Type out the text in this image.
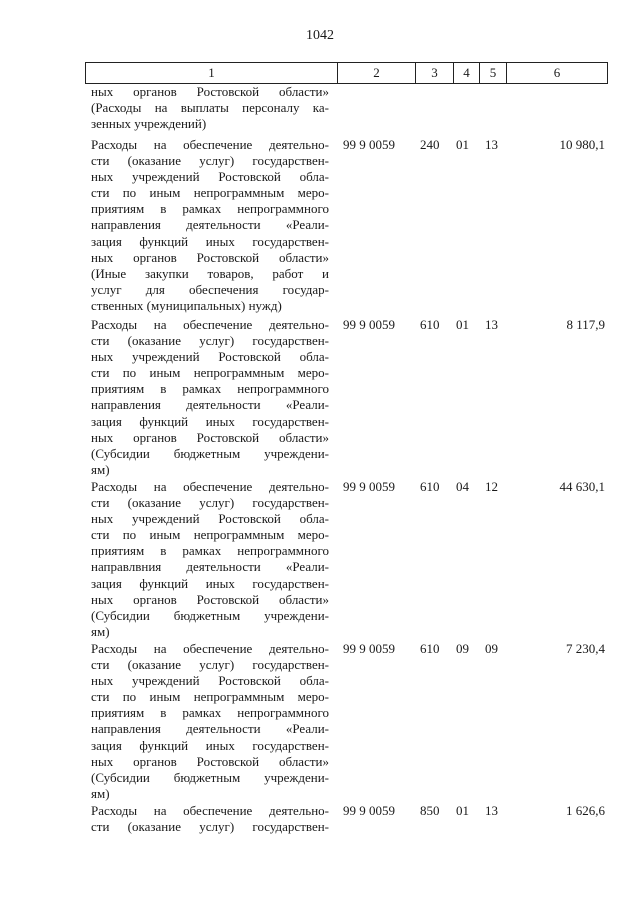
1042
1	2	3	4	5	6
ных органов Ростовской области»
(Расходы на выплаты персоналу ка-
зенных учреждений)
Расходы на обеспечение деятельно-
сти (оказание услуг) государствен-
ных учреждений Ростовской обла-
сти по иным непрограммным меро-
приятиям в рамках непрограммного
направления деятельности «Реали-
зация функций иных государствен-
ных органов Ростовской области»
(Иные закупки товаров, работ и
услуг для обеспечения государ-
ственных (муниципальных) нужд)
99 9 0059	240	01	13	10 980,1
Расходы на обеспечение деятельно-
сти (оказание услуг) государствен-
ных учреждений Ростовской обла-
сти по иным непрограммным меро-
приятиям в рамках непрограммного
направления деятельности «Реали-
зация функций иных государствен-
ных органов Ростовской области»
(Субсидии бюджетным учреждени-
ям)
99 9 0059	610	01	13	8 117,9
Расходы на обеспечение деятельно-
сти (оказание услуг) государствен-
ных учреждений Ростовской обла-
сти по иным непрограммным меро-
приятиям в рамках непрограммного
направлвния деятельности «Реали-
зация функций иных государствен-
ных органов Ростовской области»
(Субсидии бюджетным учреждени-
ям)
99 9 0059	610	04	12	44 630,1
Расходы на обеспечение деятельно-
сти (оказание услуг) государствен-
ных учреждений Ростовской обла-
сти по иным непрограммным меро-
приятиям в рамках непрограммного
направления деятельности «Реали-
зация функций иных государствен-
ных органов Ростовской области»
(Субсидии бюджетным учреждени-
ям)
99 9 0059	610	09	09	7 230,4
Расходы на обеспечение деятельно-
сти (оказание услуг) государствен-
99 9 0059	850	01	13	1 626,6
